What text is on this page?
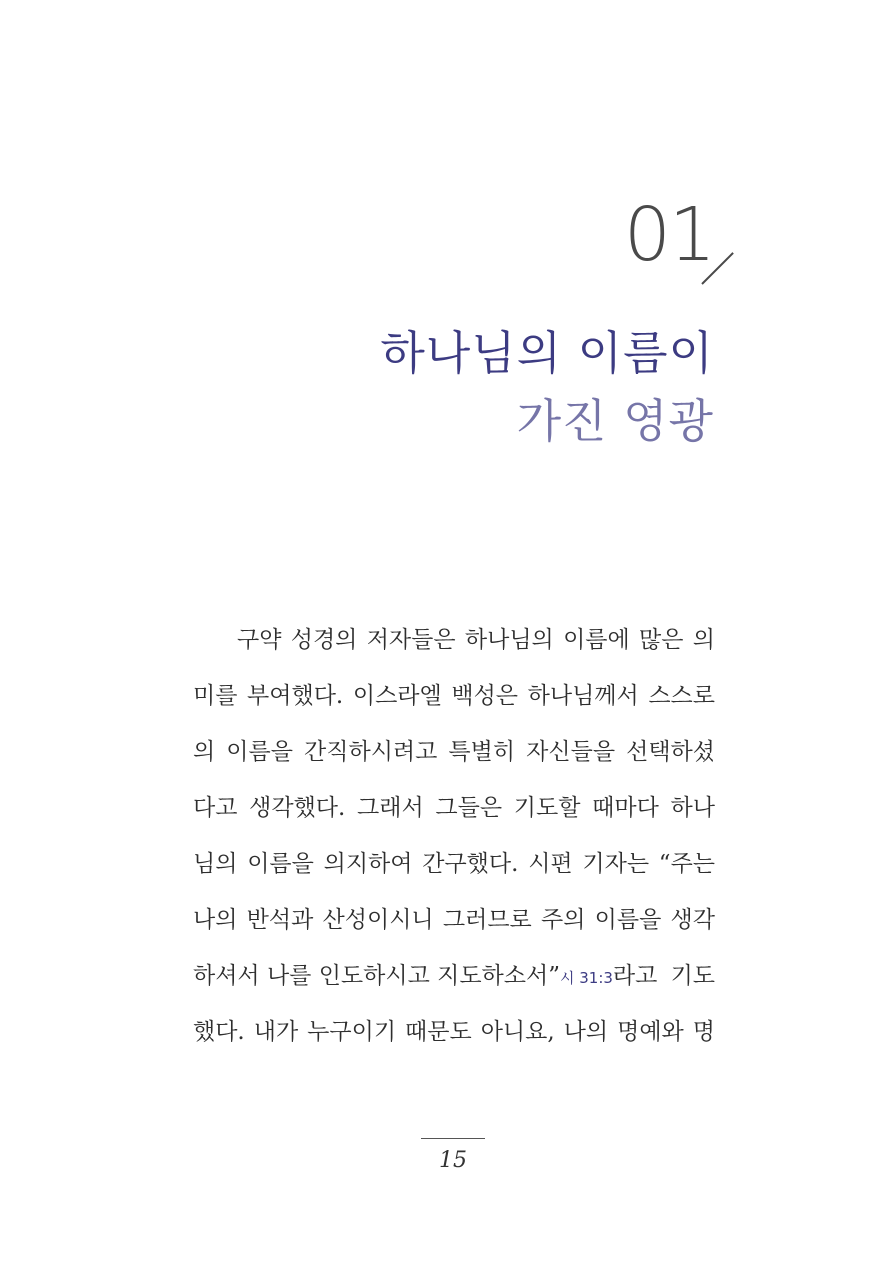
01
하나님의 이름이
가진 영광
구약 성경의 저자들은 하나님의 이름에 많은 의
미를 부여했다. 이스라엘 백성은 하나님께서 스스로
의 이름을 간직하시려고 특별히 자신들을 선택하셨
다고 생각했다. 그래서 그들은 기도할 때마다 하나
님의 이름을 의지하여 간구했다. 시편 기자는 “주는
나의 반석과 산성이시니 그러므로 주의 이름을 생각
하셔서 나를 인도하시고 지도하소서”시 31:3라고 기도
했다. 내가 누구이기 때문도 아니요, 나의 명예와 명
15
